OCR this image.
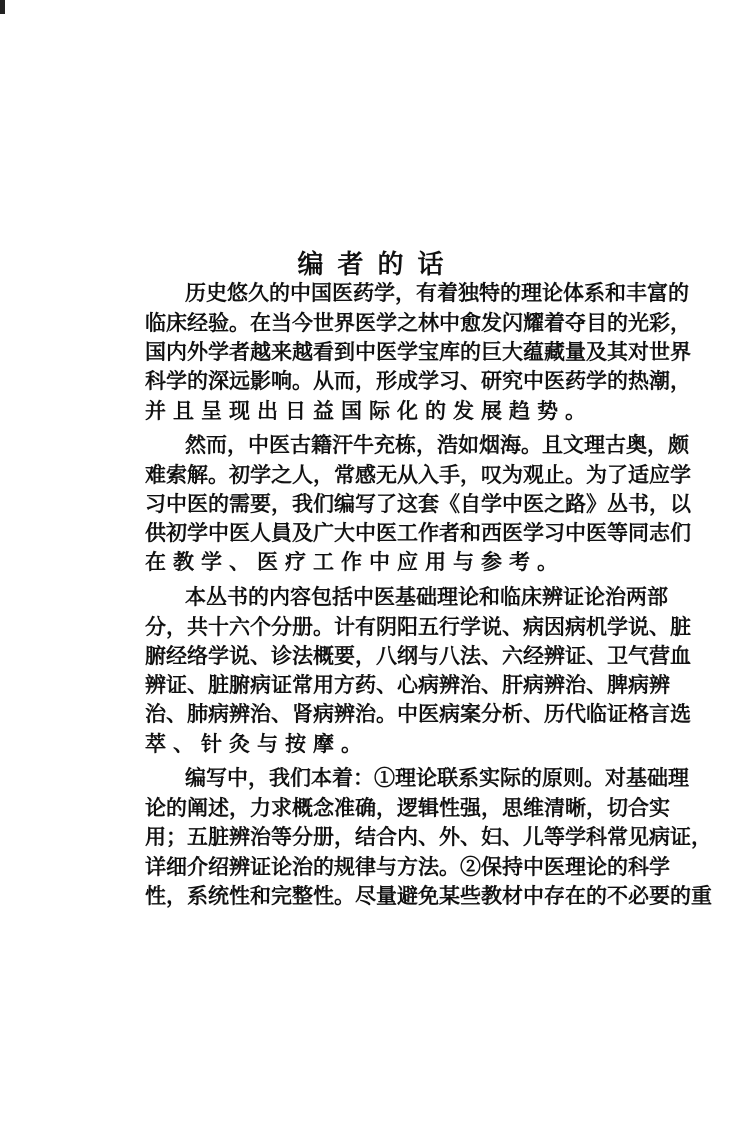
编者的话
历史悠久的中国医药学，有着独特的理论体系和丰富的
临床经验。在当今世界医学之林中愈发闪耀着夺目的光彩，
国内外学者越来越看到中医学宝库的巨大蕴藏量及其对世界
科学的深远影响。从而，形成学习、研究中医药学的热潮，
并且呈现出日益国际化的发展趋势。
然而，中医古籍汗牛充栋，浩如烟海。且文理古奥，颇
难索解。初学之人，常感无从入手，叹为观止。为了适应学
习中医的需要，我们编写了这套《自学中医之路》丛书，以
供初学中医人員及广大中医工作者和西医学习中医等同志们
在教学、医疗工作中应用与参考。
本丛书的内容包括中医基础理论和临床辨证论治两部
分，共十六个分册。计有阴阳五行学说、病因病机学说、脏
腑经络学说、诊法概要，八纲与八法、六经辨证、卫气营血
辨证、脏腑病证常用方药、心病辨治、肝病辨治、脾病辨
治、肺病辨治、肾病辨治。中医病案分析、历代临证格言选
萃、针灸与按摩。
编写中，我们本着：①理论联系实际的原则。对基础理
论的阐述，力求概念准确，逻辑性强，思维清晰，切合实
用；五脏辨治等分册，结合内、外、妇、儿等学科常见病证，
详细介绍辨证论治的规律与方法。②保持中医理论的科学
性，系统性和完整性。尽量避免某些教材中存在的不必要的重
